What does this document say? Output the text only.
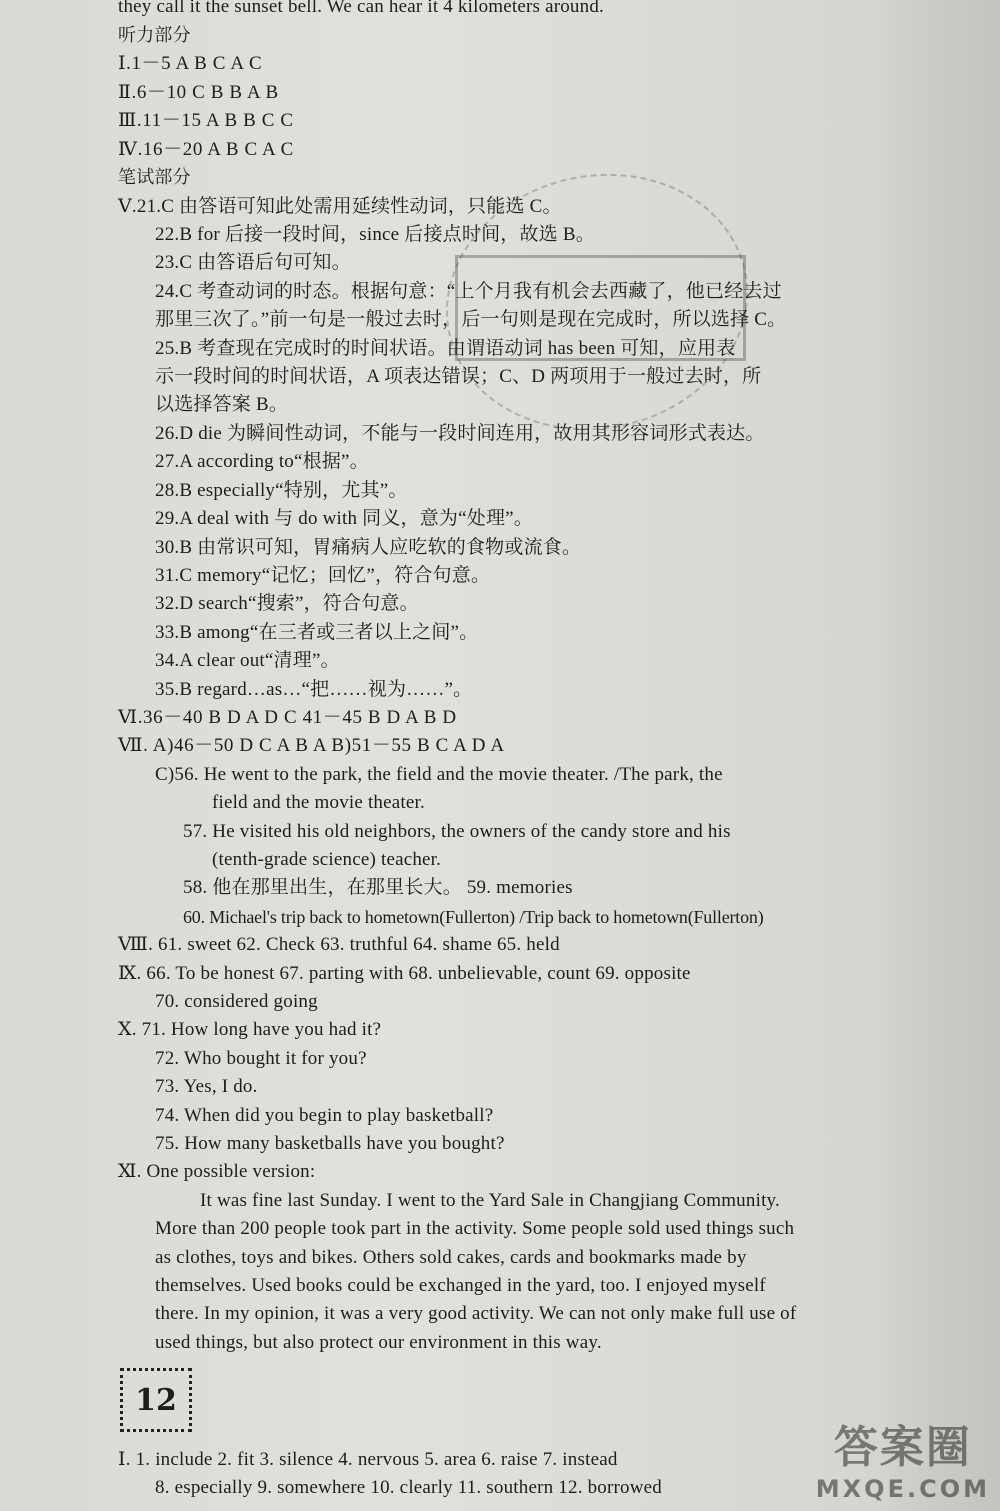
they call it the sunset bell. We can hear it 4 kilometers around.
听力部分
Ⅰ.1－5 A B C A C
Ⅱ.6－10 C B B A B
Ⅲ.11－15 A B B C C
Ⅳ.16－20 A B C A C
笔试部分
Ⅴ.21.C 由答语可知此处需用延续性动词，只能选 C。
22.B for 后接一段时间，since 后接点时间，故选 B。
23.C 由答语后句可知。
24.C 考查动词的时态。根据句意：“上个月我有机会去西藏了，他已经去过
那里三次了。”前一句是一般过去时，后一句则是现在完成时，所以选择 C。
25.B 考查现在完成时的时间状语。由谓语动词 has been 可知，应用表
示一段时间的时间状语，A 项表达错误；C、D 两项用于一般过去时，所
以选择答案 B。
26.D die 为瞬间性动词，不能与一段时间连用，故用其形容词形式表达。
27.A according to“根据”。
28.B especially“特别，尤其”。
29.A deal with 与 do with 同义，意为“处理”。
30.B 由常识可知，胃痛病人应吃软的食物或流食。
31.C memory“记忆；回忆”，符合句意。
32.D search“搜索”，符合句意。
33.B among“在三者或三者以上之间”。
34.A clear out“清理”。
35.B regard…as…“把……视为……”。
Ⅵ.36－40 B D A D C 41－45 B D A B D
Ⅶ. A)46－50 D C A B A B)51－55 B C A D A
C)56. He went to the park, the field and the movie theater. /The park, the
field and the movie theater.
57. He visited his old neighbors, the owners of the candy store and his
(tenth-grade science) teacher.
58. 他在那里出生，在那里长大。 59. memories
60. Michael's trip back to hometown(Fullerton) /Trip back to hometown(Fullerton)
Ⅷ. 61. sweet 62. Check 63. truthful 64. shame 65. held
Ⅸ. 66. To be honest 67. parting with 68. unbelievable, count 69. opposite
70. considered going
Ⅹ. 71. How long have you had it?
72. Who bought it for you?
73. Yes, I do.
74. When did you begin to play basketball?
75. How many basketballs have you bought?
Ⅺ. One possible version:
It was fine last Sunday. I went to the Yard Sale in Changjiang Community.
More than 200 people took part in the activity. Some people sold used things such
as clothes, toys and bikes. Others sold cakes, cards and bookmarks made by
themselves. Used books could be exchanged in the yard, too. I enjoyed myself
there. In my opinion, it was a very good activity. We can not only make full use of
used things, but also protect our environment in this way.
12
Ⅰ. 1. include 2. fit 3. silence 4. nervous 5. area 6. raise 7. instead
8. especially 9. somewhere 10. clearly 11. southern 12. borrowed
答案圈
MXQE.COM
